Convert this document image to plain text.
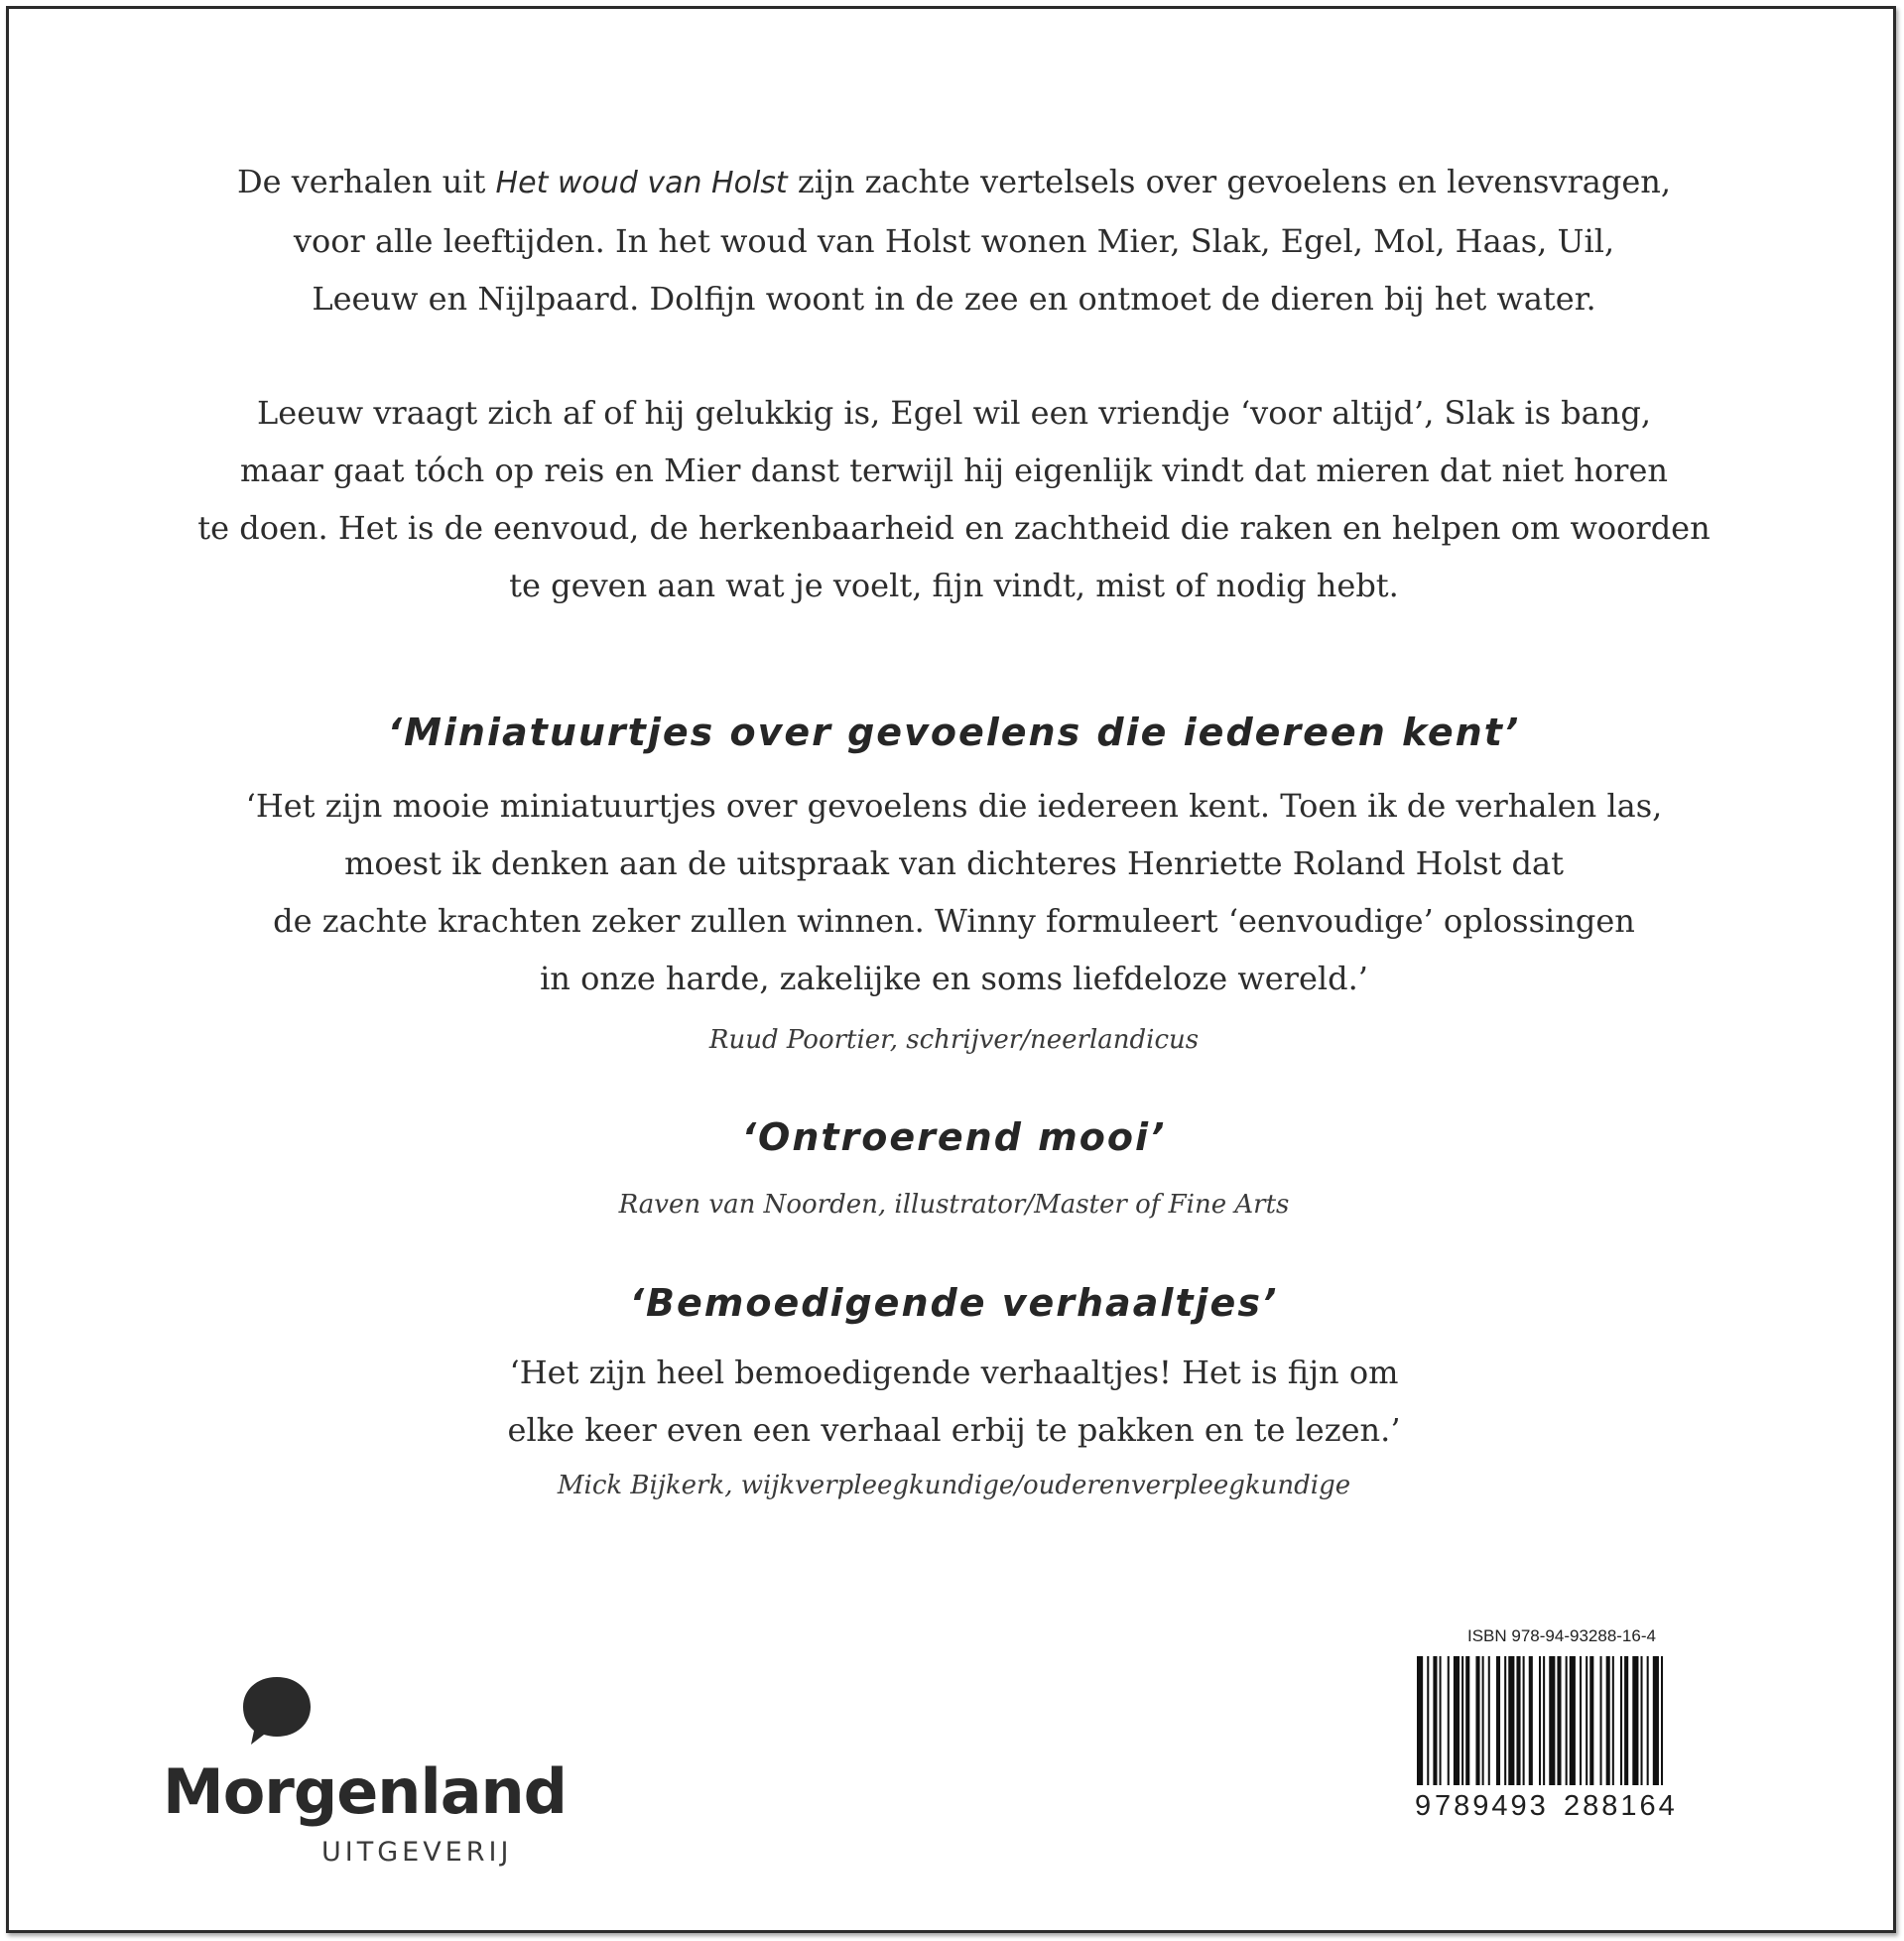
De verhalen uit Het woud van Holst zijn zachte vertelsels over gevoelens en levensvragen,
voor alle leeftijden. In het woud van Holst wonen Mier, Slak, Egel, Mol, Haas, Uil,
Leeuw en Nijlpaard. Dolfijn woont in de zee en ontmoet de dieren bij het water.

Leeuw vraagt zich af of hij gelukkig is, Egel wil een vriendje ‘voor altijd’, Slak is bang,
maar gaat tóch op reis en Mier danst terwijl hij eigenlijk vindt dat mieren dat niet horen
te doen. Het is de eenvoud, de herkenbaarheid en zachtheid die raken en helpen om woorden
te geven aan wat je voelt, fijn vindt, mist of nodig hebt.

‘Miniatuurtjes over gevoelens die iedereen kent’

‘Het zijn mooie miniatuurtjes over gevoelens die iedereen kent. Toen ik de verhalen las,
moest ik denken aan de uitspraak van dichteres Henriette Roland Holst dat
de zachte krachten zeker zullen winnen. Winny formuleert ‘eenvoudige’ oplossingen
in onze harde, zakelijke en soms liefdeloze wereld.’

Ruud Poortier, schrijver/neerlandicus

‘Ontroerend mooi’

Raven van Noorden, illustrator/Master of Fine Arts

‘Bemoedigende verhaaltjes’

‘Het zijn heel bemoedigende verhaaltjes! Het is fijn om
elke keer even een verhaal erbij te pakken en te lezen.’

Mick Bijkerk, wijkverpleegkundige/ouderenverpleegkundige

Morgenland
UITGEVERIJ
ISBN 978-94-93288-16-4
9 789493 288164
